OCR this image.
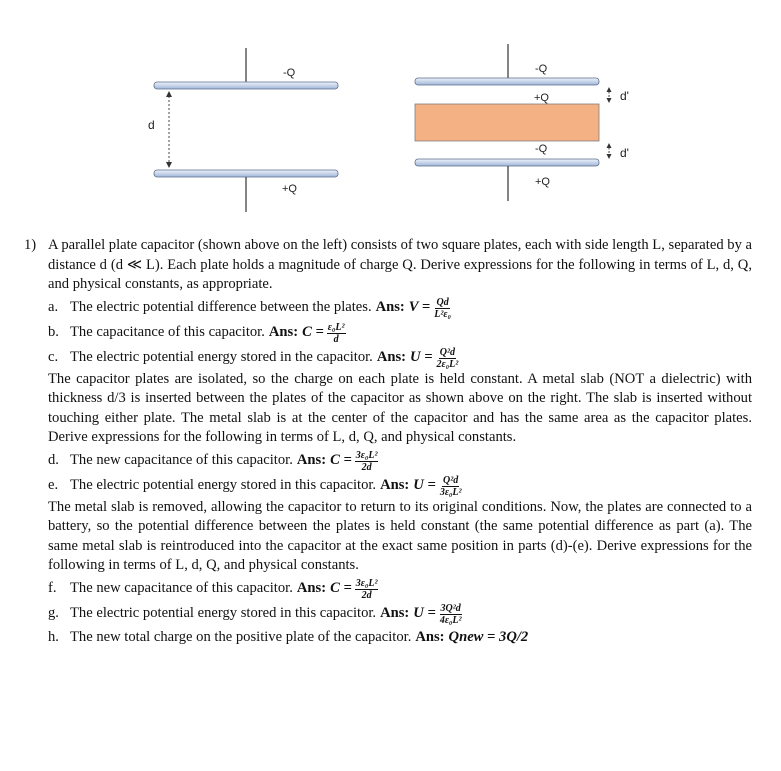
-Q
+Q
d
-Q
+Q
-Q
+Q
d'
d'
1) A parallel plate capacitor (shown above on the left) consists of two square plates, each with side length L, separated by a distance d (d ≪ L). Each plate holds a magnitude of charge Q. Derive expressions for the following in terms of L, d, Q, and physical constants, as appropriate.
a. The electric potential difference between the plates. Ans: $V = \frac{Qd}{\text{L²ε₀}}$
b. The capacitance of this capacitor. Ans: $C = \frac{\text{ε₀L²}}{d}$
c. The electric potential energy stored in the capacitor. Ans: $U = \frac{\text{Q²d}}{\text{2ε₀L²}}$

The capacitor plates are isolated, so the charge on each plate is held constant. A metal slab (NOT a dielectric) with thickness d/3 is inserted between the plates of the capacitor as shown above on the right. The slab is inserted without touching either plate. The metal slab is at the center of the capacitor and has the same area as the capacitor plates. Derive expressions for the following in terms of L, d, Q, and physical constants.

d. The new capacitance of this capacitor. Ans: $C = \frac{\text{3ε₀L²}}{2d}$
e. The electric potential energy stored in this capacitor. Ans: $U = \frac{\text{Q²d}}{\text{3ε₀L²}}$

The metal slab is removed, allowing the capacitor to return to its original conditions. Now, the plates are connected to a battery, so the potential difference between the plates is held constant (the same potential difference as part (a). The same metal slab is reintroduced into the capacitor at the exact same position in parts (d)-(e). Derive expressions for the following in terms of L, d, Q, and physical constants.

f. The new capacitance of this capacitor. Ans: $C = \frac{\text{3ε₀L²}}{2d}$
g. The electric potential energy stored in this capacitor. Ans: $U = \frac{\text{3Q²d}}{\text{4ε₀L²}}$
h. The new total charge on the positive plate of the capacitor. Ans: Qnew = 3Q/2
